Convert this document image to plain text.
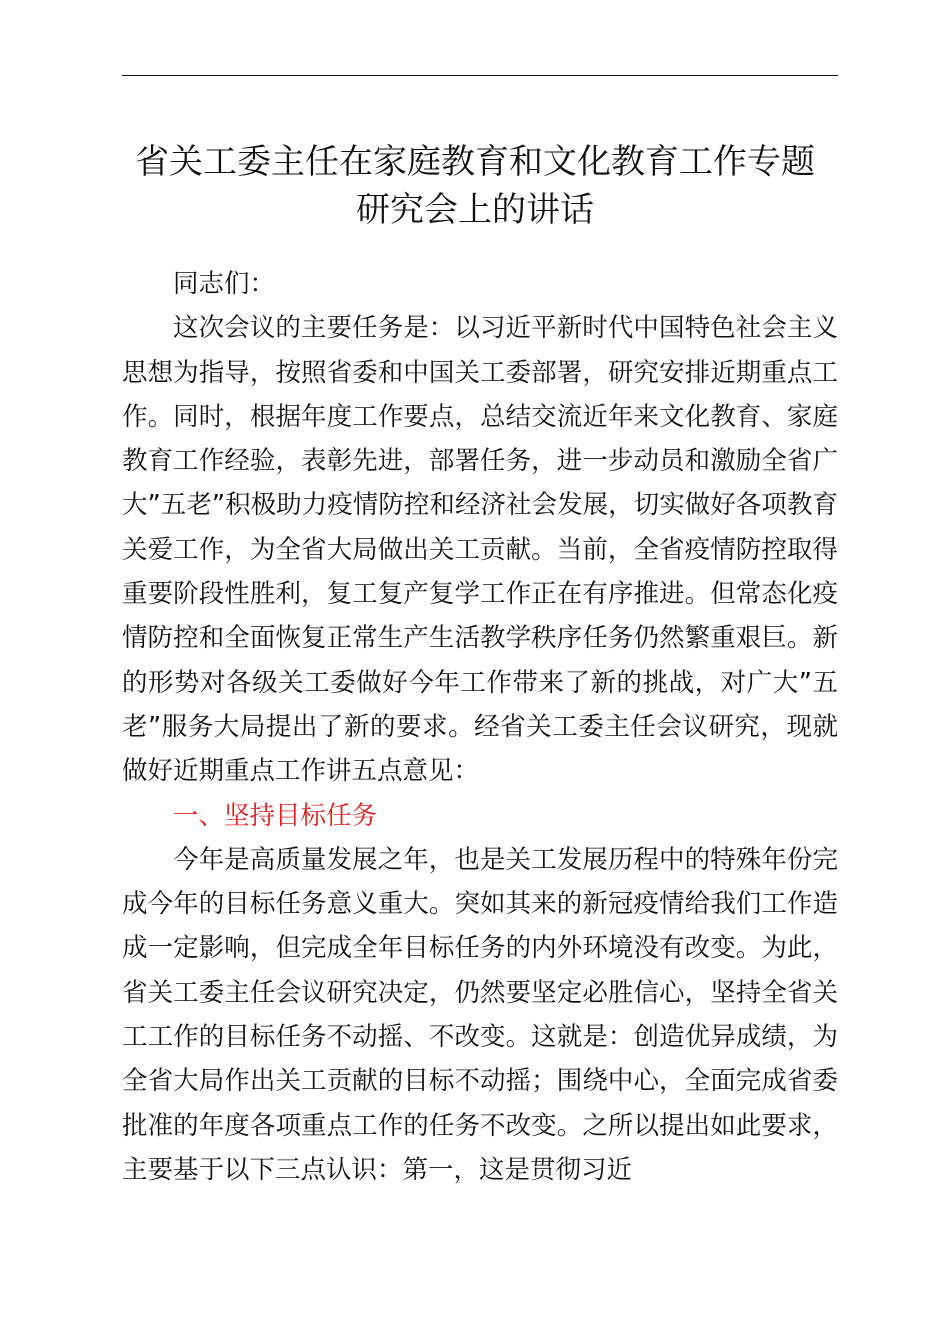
省关工委主任在家庭教育和文化教育工作专题
研究会上的讲话

同志们：

这次会议的主要任务是：以习近平新时代中国特色社会主义思想为指导，按照省委和中国关工委部署，研究安排近期重点工作。同时，根据年度工作要点，总结交流近年来文化教育、家庭教育工作经验，表彰先进，部署任务，进一步动员和激励全省广大”五老”积极助力疫情防控和经济社会发展，切实做好各项教育关爱工作，为全省大局做出关工贡献。当前，全省疫情防控取得重要阶段性胜利，复工复产复学工作正在有序推进。但常态化疫情防控和全面恢复正常生产生活教学秩序任务仍然繁重艰巨。新的形势对各级关工委做好今年工作带来了新的挑战，对广大”五老”服务大局提出了新的要求。经省关工委主任会议研究，现就做好近期重点工作讲五点意见：

一、坚持目标任务

今年是高质量发展之年，也是关工发展历程中的特殊年份完成今年的目标任务意义重大。突如其来的新冠疫情给我们工作造成一定影响，但完成全年目标任务的内外环境没有改变。为此，省关工委主任会议研究决定，仍然要坚定必胜信心，坚持全省关工工作的目标任务不动摇、不改变。这就是：创造优异成绩，为全省大局作出关工贡献的目标不动摇；围绕中心，全面完成省委批准的年度各项重点工作的任务不改变。之所以提出如此要求，主要基于以下三点认识：第一，这是贯彻习近
